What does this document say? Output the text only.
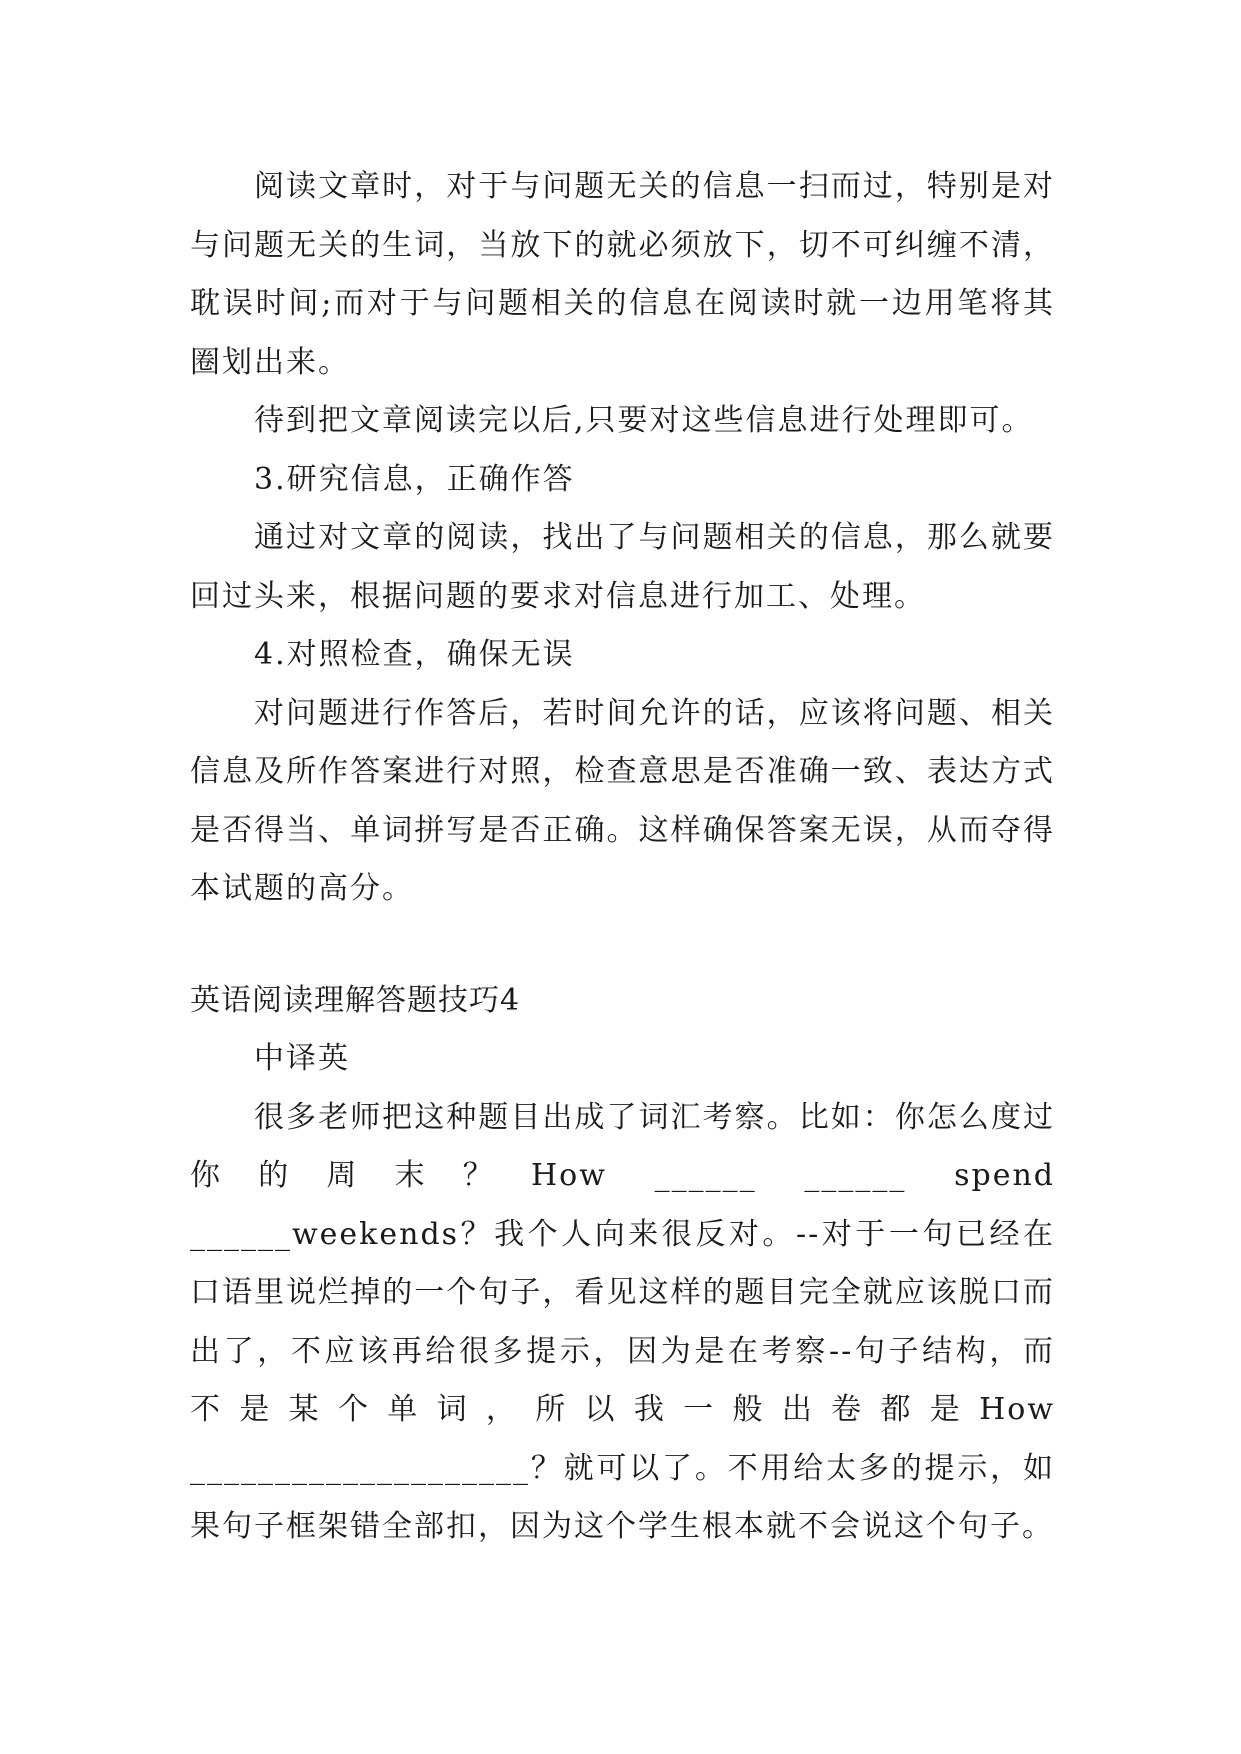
阅读文章时，对于与问题无关的信息一扫而过，特别是对与问题无关的生词，当放下的就必须放下，切不可纠缠不清，耽误时间;而对于与问题相关的信息在阅读时就一边用笔将其圈划出来。

待到把文章阅读完以后,只要对这些信息进行处理即可。

3.研究信息，正确作答

通过对文章的阅读，找出了与问题相关的信息，那么就要回过头来，根据问题的要求对信息进行加工、处理。

4.对照检查，确保无误

对问题进行作答后，若时间允许的话，应该将问题、相关信息及所作答案进行对照，检查意思是否准确一致、表达方式是否得当、单词拼写是否正确。这样确保答案无误，从而夺得本试题的高分。

英语阅读理解答题技巧4

中译英

很多老师把这种题目出成了词汇考察。比如：你怎么度过你的周末？How ______ ______ spend ______weekends？我个人向来很反对。--对于一句已经在口语里说烂掉的一个句子，看见这样的题目完全就应该脱口而出了，不应该再给很多提示，因为是在考察--句子结构，而 不是某个单词，所以我一般出卷都是How ____________________？就可以了。不用给太多的提示，如果句子框架错全部扣，因为这个学生根本就不会说这个句子。
